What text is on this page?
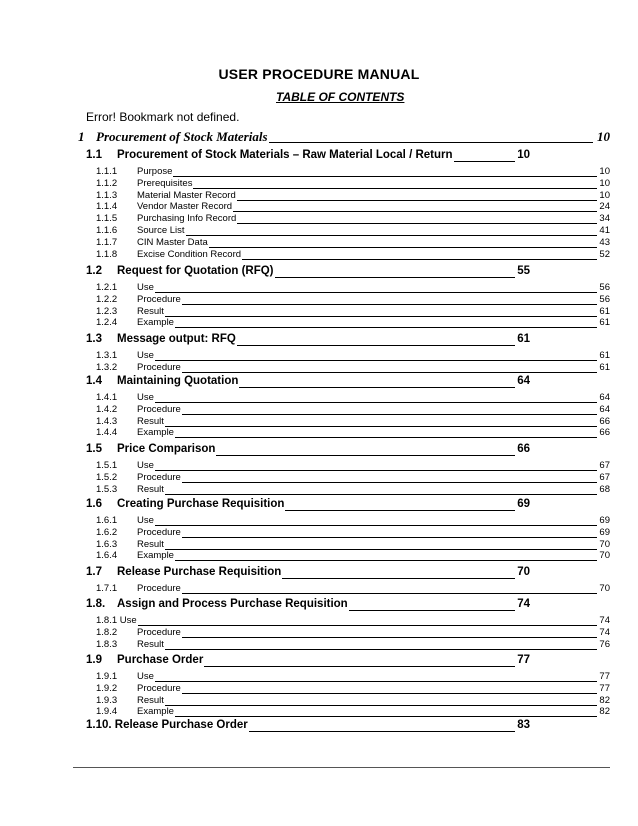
USER PROCEDURE MANUAL
TABLE OF CONTENTS
Error! Bookmark not defined.
1 Procurement of Stock Materials	10
1.1 Procurement of Stock Materials – Raw Material Local / Return	10
1.1.1 Purpose	10
1.1.2 Prerequisites	10
1.1.3 Material Master Record	10
1.1.4 Vendor Master Record	24
1.1.5 Purchasing Info Record	34
1.1.6 Source List	41
1.1.7 CIN Master Data	43
1.1.8 Excise Condition Record	52
1.2 Request for Quotation (RFQ)	55
1.2.1 Use	56
1.2.2 Procedure	56
1.2.3 Result	61
1.2.4 Example	61
1.3 Message output: RFQ	61
1.3.1 Use	61
1.3.2 Procedure	61
1.4 Maintaining Quotation	64
1.4.1 Use	64
1.4.2 Procedure	64
1.4.3 Result	66
1.4.4 Example	66
1.5 Price Comparison	66
1.5.1 Use	67
1.5.2 Procedure	67
1.5.3 Result	68
1.6 Creating Purchase Requisition	69
1.6.1 Use	69
1.6.2 Procedure	69
1.6.3 Result	70
1.6.4 Example	70
1.7 Release Purchase Requisition	70
1.7.1 Procedure	70
1.8. Assign and Process Purchase Requisition	74
1.8.1 Use	74
1.8.2 Procedure	74
1.8.3 Result	76
1.9 Purchase Order	77
1.9.1 Use	77
1.9.2 Procedure	77
1.9.3 Result	82
1.9.4 Example	82
1.10. Release Purchase Order	83
